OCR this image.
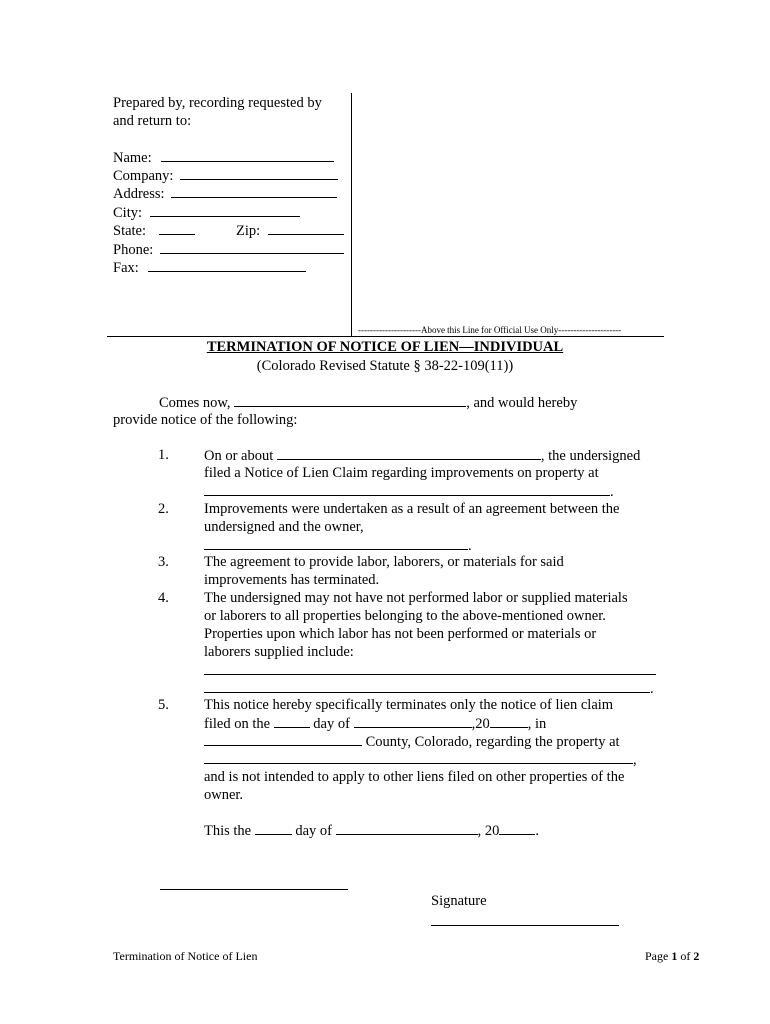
Prepared by, recording requested by
and return to:
Name:
Company:
Address:
City:
State:	Zip:
Phone:
Fax:
---------------------Above this Line for Official Use Only---------------------
TERMINATION OF NOTICE OF LIEN—INDIVIDUAL
(Colorado Revised Statute § 38-22-109(11))
Comes now,	, and would hereby
provide notice of the following:
1. On or about	, the undersigned
filed a Notice of Lien Claim regarding improvements on property at
.
2. Improvements were undertaken as a result of an agreement between the
undersigned and the owner,
.
3. The agreement to provide labor, laborers, or materials for said
improvements has terminated.
4. The undersigned may not have not performed labor or supplied materials
or laborers to all properties belonging to the above-mentioned owner.
Properties upon which labor has not been performed or materials or
laborers supplied include:
.
5. This notice hereby specifically terminates only the notice of lien claim
filed on the  day of	,20	, in
County, Colorado, regarding the property at
,
and is not intended to apply to other liens filed on other properties of the
owner.
This the	day of	, 20 .
Signature
Termination of Notice of Lien	Page 1 of 2
